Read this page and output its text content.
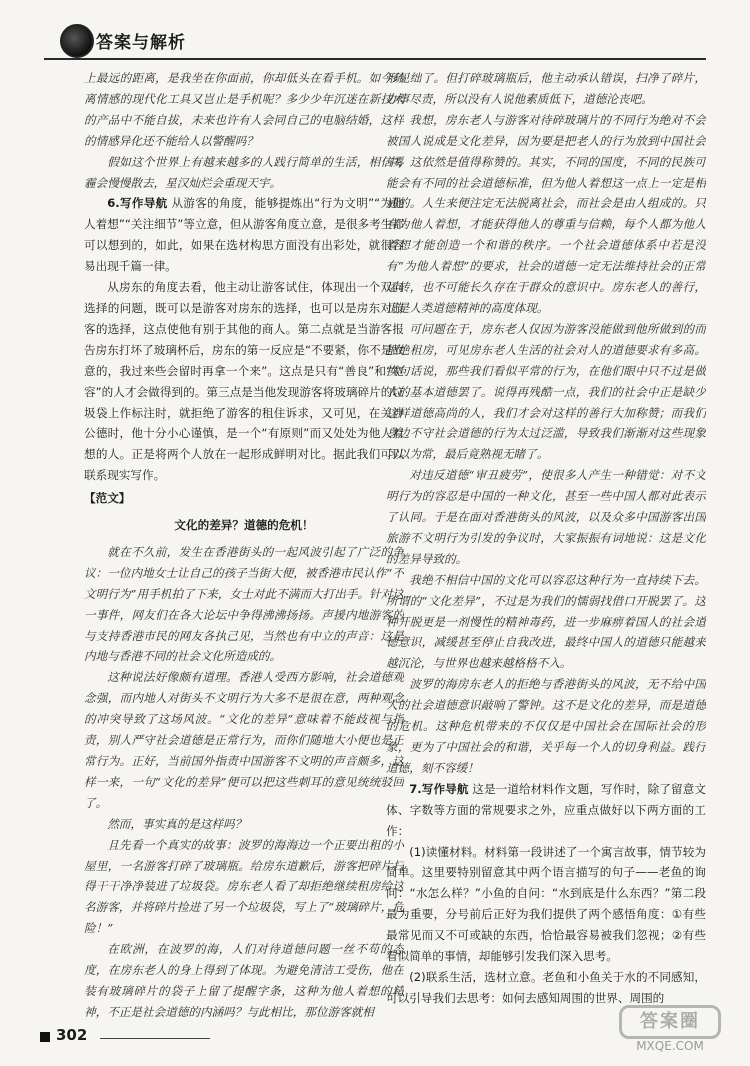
答案与解析

上最远的距离，是我坐在你面前，你却低头在看手机。如今疏离情感的现代化工具又岂止是手机呢？多少少年沉迷在新技术的产品中不能自拔，未来也许有人会同自己的电脑结婚，这样的情感异化还不能给人以警醒吗？

假如这个世界上有越来越多的人践行简单的生活，相信雾霾会慢慢散去，星汉灿烂会重现天宇。

6.写作导航 从游客的角度，能够提炼出“行为文明”“为他人着想”“关注细节”等立意，但从游客角度立意，是很多考生都可以想到的，如此，如果在选材构思方面没有出彩处，就很容易出现千篇一律。

从房东的角度去看，他主动让游客试住，体现出一个双向选择的问题，既可以是游客对房东的选择，也可以是房东对游客的选择，这点使他有别于其他的商人。第二点就是当游客报告房东打坏了玻璃杯后，房东的第一反应是“不要紧，你不是故意的，我过来些会留时再拿一个来”。这点是只有“善良”和“宽容”的人才会做得到的。第三点是当他发现游客将玻璃碎片的垃圾袋上作标注时，就拒绝了游客的租住诉求，又可见，在关涉公德时，他十分小心谨慎，是一个“有原则”而又处处为他人着想的人。正是将两个人放在一起形成鲜明对比。据此我们可以联系现实写作。

【范文】

文化的差异？道德的危机！

就在不久前，发生在香港街头的一起风波引起了广泛的争议：一位内地女士让自己的孩子当街大便，被香港市民认作“不文明行为”用手机拍了下来，女士对此不满而大打出手。针对这一事件，网友们在各大论坛中争得沸沸扬扬。声援内地游客的与支持香港市民的网友各执己见，当然也有中立的声音：这是内地与香港不同的社会文化所造成的。

这种说法好像颇有道理。香港人受西方影响，社会道德观念强，而内地人对街头不文明行为大多不是很在意，两种观念的冲突导致了这场风波。“文化的差异”意味着不能歧视与指责，别人严守社会道德是正常行为，而你们随地大小便也是正常行为。正好，当前国外指责中国游客不文明的声音颇多，这样一来，一句“文化的差异”便可以把这些刺耳的意见统统驳回了。

然而，事实真的是这样吗？

且先看一个真实的故事：波罗的海海边一个正要出租的小屋里，一名游客打碎了玻璃瓶。给房东道歉后，游客把碎片扫得干干净净装进了垃圾袋。房东老人看了却拒绝继续租房给这名游客，并将碎片捡进了另一个垃圾袋，写上了“玻璃碎片，危险！”

在欧洲，在波罗的海，人们对待道德问题一丝不苟的态度，在房东老人的身上得到了体现。为避免清洁工受伤，他在装有玻璃碎片的袋子上留了提醒字条，这种为他人着想的精神，不正是社会道德的内涵吗？与此相比，那位游客就相

形见绌了。但打碎玻璃瓶后，他主动承认错误，扫净了碎片，办事尽责，所以没有人说他素质低下，道德沦丧吧。

我想，房东老人与游客对待碎玻璃片的不同行为绝对不会被国人说成是文化差异，因为要是把老人的行为放到中国社会中，这依然是值得称赞的。其实，不同的国度，不同的民族可能会有不同的社会道德标准，但为他人着想这一点上一定是相通的。人生来便注定无法脱离社会，而社会是由人组成的。只有为他人着想，才能获得他人的尊重与信赖，每个人都为他人着想才能创造一个和谐的秩序。一个社会道德体系中若是没有“为他人着想”的要求，社会的道德一定无法维持社会的正常运转，也不可能长久存在于群众的意识中。房东老人的善行，正是人类道德精神的高度体现。

可问题在于，房东老人仅因为游客没能做到他所做到的而拒绝租房，可见房东老人生活的社会对人的道德要求有多高。换句话说，那些我们看似平常的行为，在他们眼中只不过是做人的基本道德罢了。说得再残酷一点，我们的社会中正是缺少这样道德高尚的人，我们才会对这样的善行大加称赞；而我们身边不守社会道德的行为太过泛滥，导致我们渐渐对这些现象习以为常，最后竟熟视无睹了。

对违反道德“审丑疲劳”，使很多人产生一种错觉：对不文明行为的容忍是中国的一种文化，甚至一些中国人都对此表示了认同。于是在面对香港街头的风波，以及众多中国游客出国旅游不文明行为引发的争议时，大家振振有词地说：这是文化的差异导致的。

我绝不相信中国的文化可以容忍这种行为一直持续下去。所谓的“文化差异”，不过是为我们的懦弱找借口开脱罢了。这种开脱更是一剂慢性的精神毒药，进一步麻痹着国人的社会道德意识，减缓甚至停止自我改进，最终中国人的道德只能越来越沉沦，与世界也越来越格格不入。

波罗的海房东老人的拒绝与香港街头的风波，无不给中国人的社会道德意识敲响了警钟。这不是文化的差异，而是道德的危机。这种危机带来的不仅仅是中国社会在国际社会的形象，更为了中国社会的和谐，关乎每一个人的切身利益。践行道德，刻不容缓！

7.写作导航 这是一道给材料作文题，写作时，除了留意文体、字数等方面的常规要求之外，应重点做好以下两方面的工作：

(1)读懂材料。材料第一段讲述了一个寓言故事，情节较为简单。这里要特别留意其中两个语言描写的句子——老鱼的询问：“水怎么样？”小鱼的自问：“水到底是什么东西？”第二段最为重要，分号前后正好为我们提供了两个感悟角度：①有些最常见而又不可或缺的东西，恰恰最容易被我们忽视；②有些看似简单的事情，却能够引发我们深入思考。

(2)联系生活，选材立意。老鱼和小鱼关于水的不同感知，可以引导我们去思考：如何去感知周围的世界、周围的

302
答案圈
MXQE.COM
